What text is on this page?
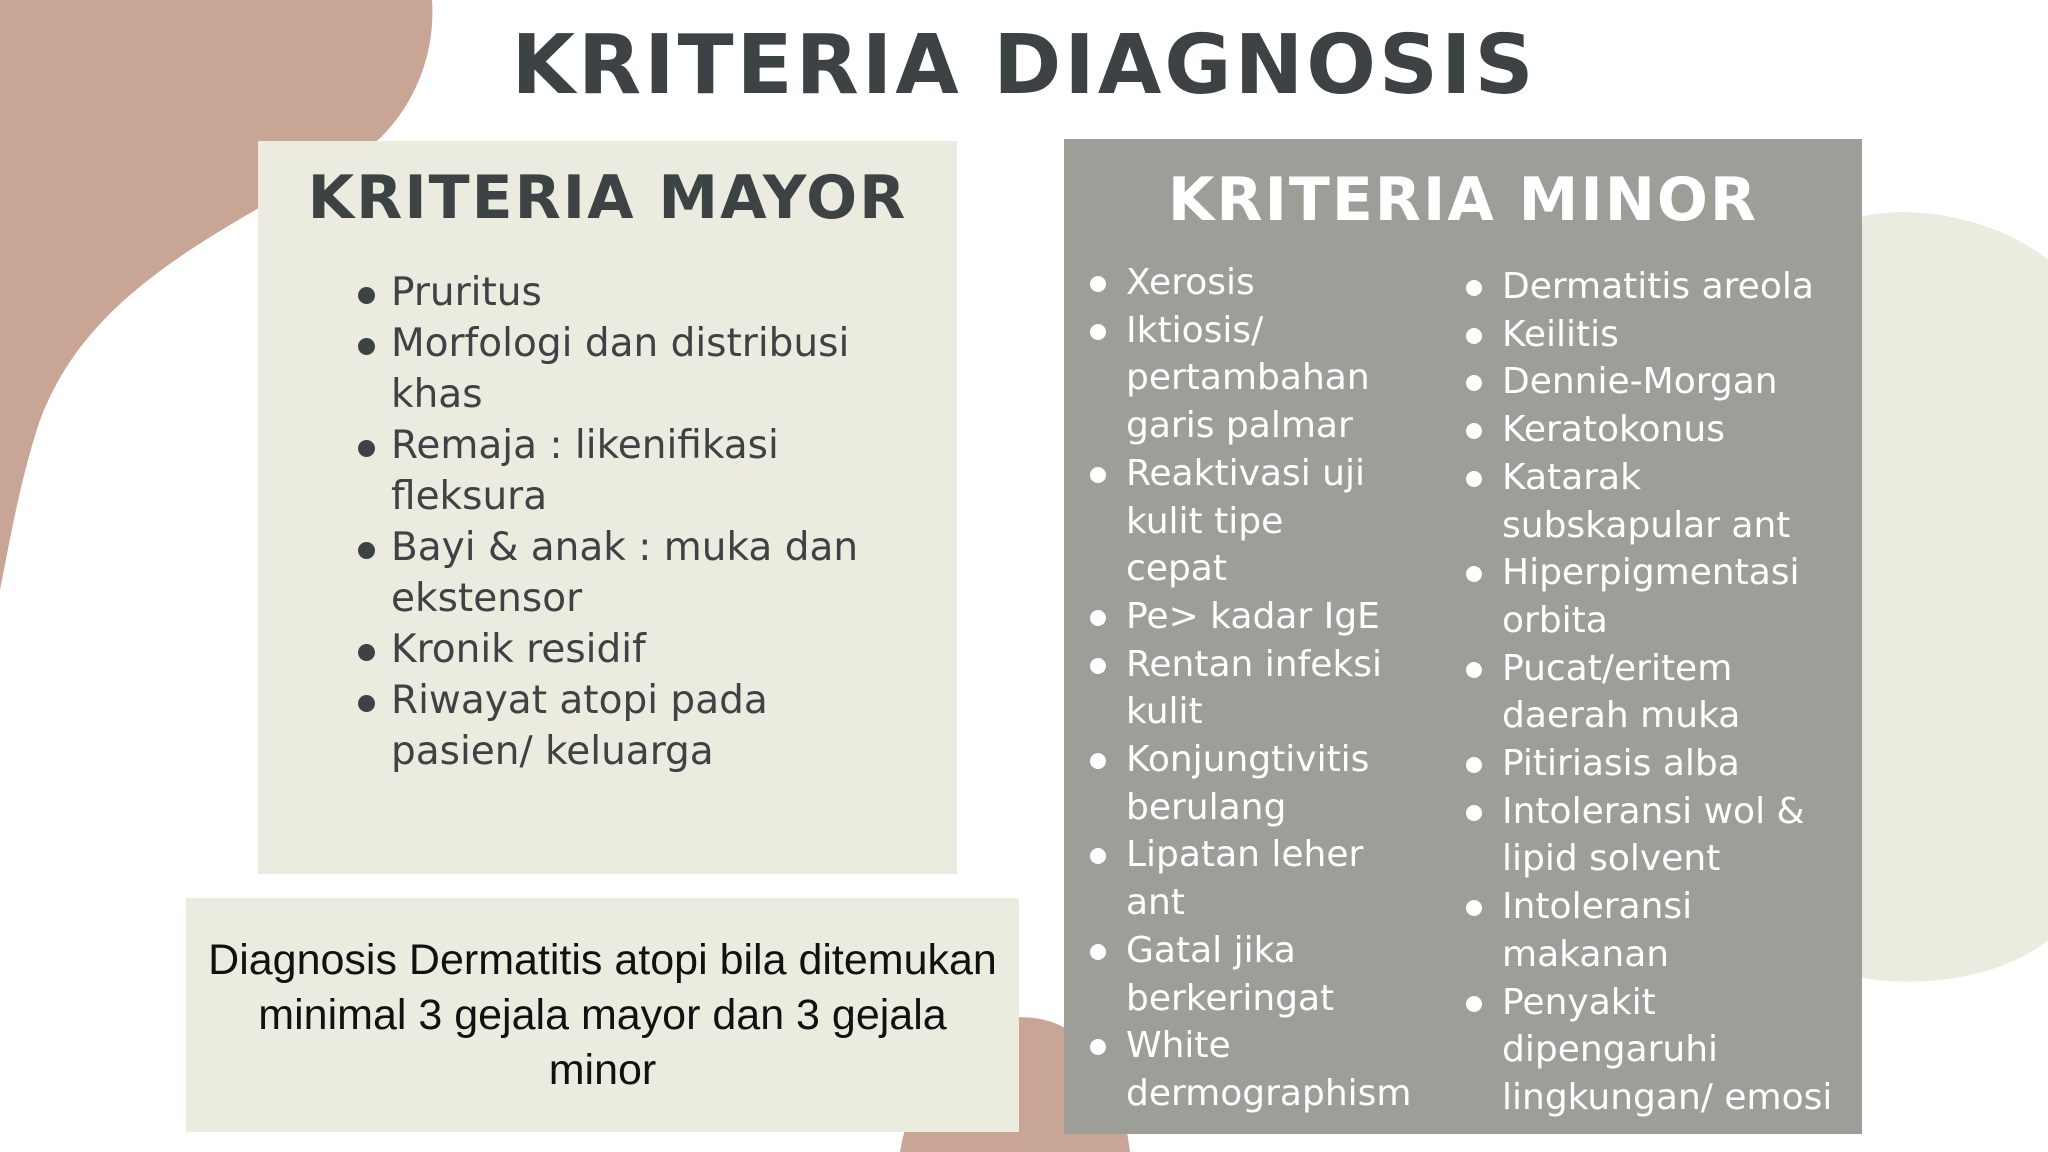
KRITERIA DIAGNOSIS
KRITERIA MAYOR
Pruritus
Morfologi dan distribusi khas
Remaja : likenifikasi fleksura
Bayi & anak : muka dan ekstensor
Kronik residif
Riwayat atopi pada pasien/ keluarga
KRITERIA MINOR
Xerosis
Iktiosis/ pertambahan garis palmar
Reaktivasi uji kulit tipe cepat
Pe> kadar IgE
Rentan infeksi kulit
Konjungtivitis berulang
Lipatan leher ant
Gatal jika berkeringat
White dermographism
Dermatitis areola
Keilitis
Dennie-Morgan
Keratokonus
Katarak subskapular ant
Hiperpigmentasi orbita
Pucat/eritem daerah muka
Pitiriasis alba
Intoleransi wol & lipid solvent
Intoleransi makanan
Penyakit dipengaruhi lingkungan/ emosi

Diagnosis Dermatitis atopi bila ditemukan minimal 3 gejala mayor dan 3 gejala minor
